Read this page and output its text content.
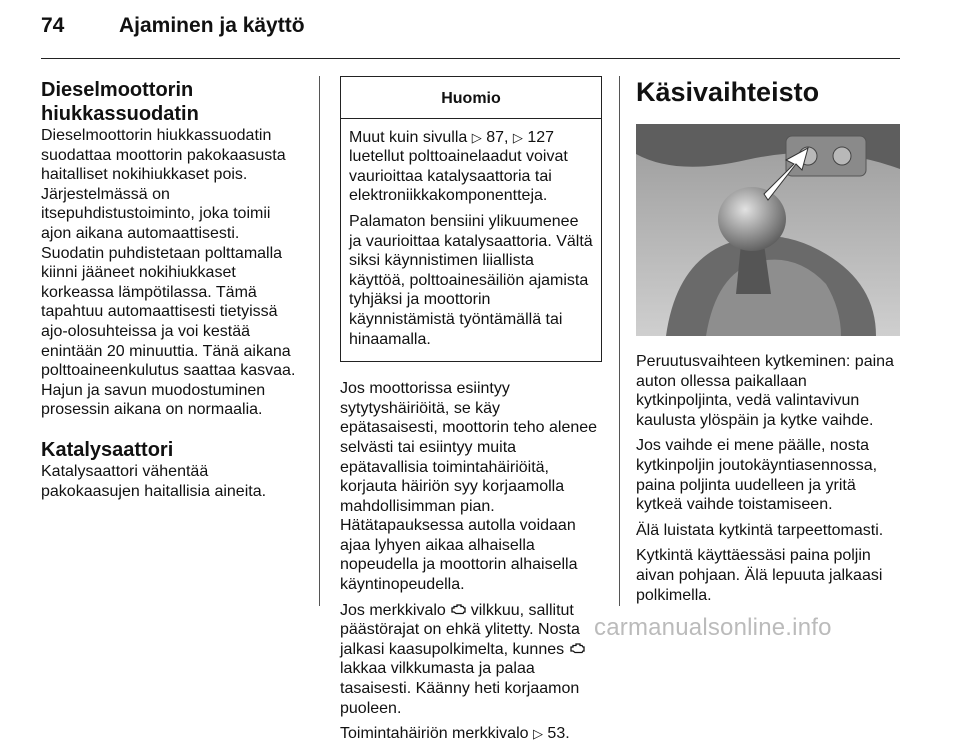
74	Ajaminen ja käyttö
Dieselmoottorin hiukkassuodatin

Dieselmoottorin hiukkassuodatin suodattaa moottorin pakokaasusta haitalliset nokihiukkaset pois. Järjestelmässä on itsepuhdistustoiminto, joka toimii ajon aikana automaattisesti. Suodatin puhdistetaan polttamalla kiinni jääneet nokihiukkaset korkeassa lämpötilassa. Tämä tapahtuu automaattisesti tietyissä ajo-olosuhteissa ja voi kestää enintään 20 minuuttia. Tänä aikana polttoaineenkulutus saattaa kasvaa. Hajun ja savun muodostuminen prosessin aikana on normaalia.

Katalysaattori

Katalysaattori vähentää pakokaasujen haitallisia aineita.

Huomio

Muut kuin sivulla ▷ 87, ▷ 127 luetellut polttoainelaadut voivat vaurioittaa katalysaattoria tai elektroniikkakomponentteja.

Palamaton bensiini ylikuumenee ja vaurioittaa katalysaattoria. Vältä siksi käynnistimen liiallista käyttöä, polttoainesäiliön ajamista tyhjäksi ja moottorin käynnistämistä työntämällä tai hinaamalla.

Jos moottorissa esiintyy sytytyshäiriöitä, se käy epätasaisesti, moottorin teho alenee selvästi tai esiintyy muita epätavallisia toimintahäiriöitä, korjauta häiriön syy korjaamolla mahdollisimman pian. Hätätapauksessa autolla voidaan ajaa lyhyen aikaa alhaisella nopeudella ja moottorin alhaisella käyntinopeudella.

Jos merkkivalo vilkkuu, sallitut päästörajat on ehkä ylitetty. Nosta jalkasi kaasupolkimelta, kunnes  lakkaa vilkkumasta ja palaa tasaisesti. Käänny heti korjaamon puoleen.

Toimintahäiriön merkkivalo ▷ 53.

Käsivaihteisto

Peruutusvaihteen kytkeminen: paina auton ollessa paikallaan kytkinpoljinta, vedä valintavivun kaulusta ylöspäin ja kytke vaihde.

Jos vaihde ei mene päälle, nosta kytkinpoljin joutokäyntiasennossa, paina poljinta uudelleen ja yritä kytkeä vaihde toistamiseen.

Älä luistata kytkintä tarpeettomasti.

Kytkintä käyttäessäsi paina poljin aivan pohjaan. Älä lepuuta jalkaasi polkimella.

carmanualsonline.info
